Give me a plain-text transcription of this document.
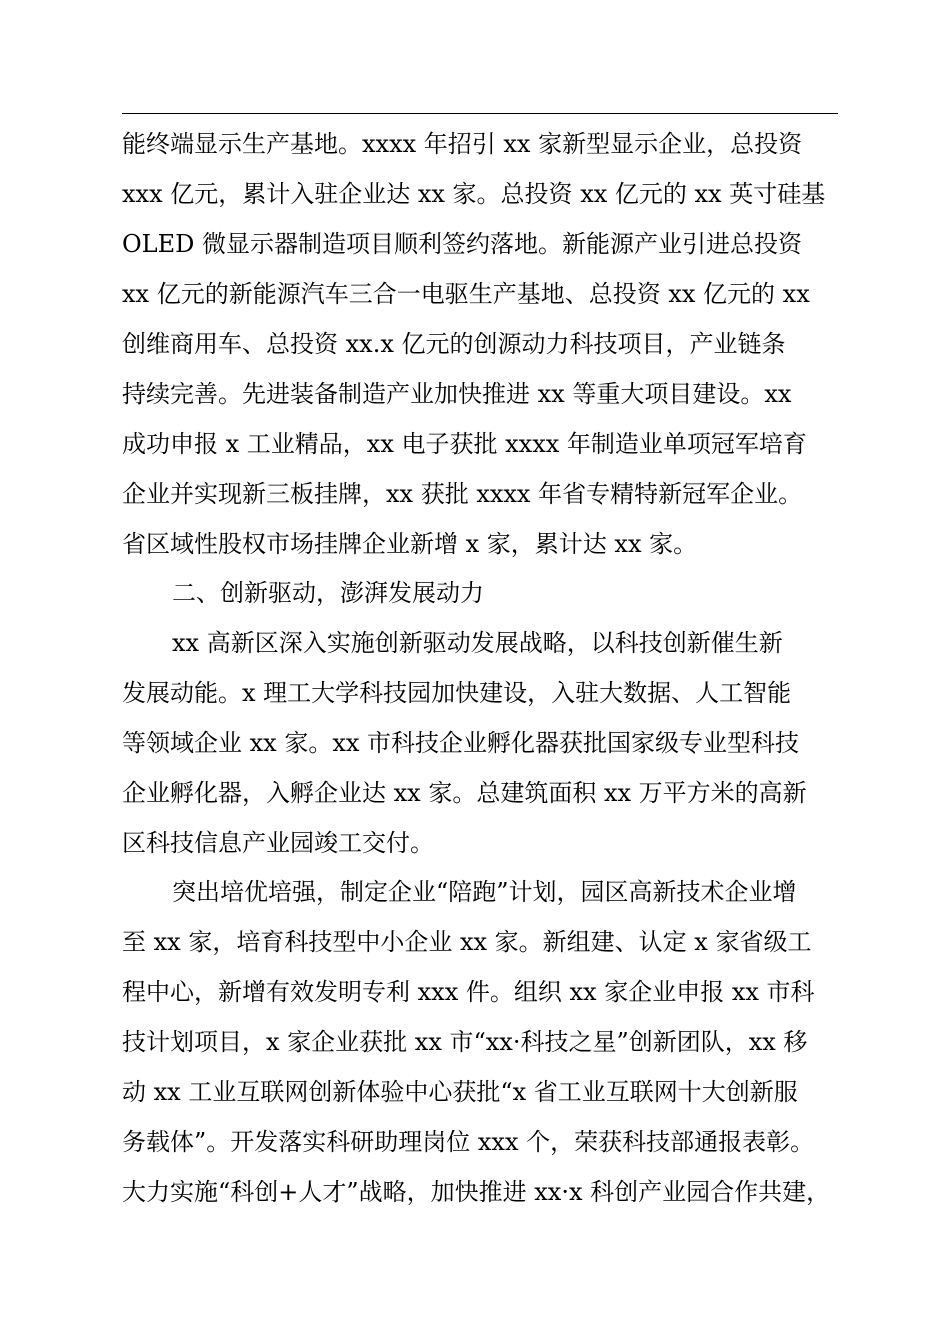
能终端显示生产基地。xxxx 年招引 xx 家新型显示企业，总投资
xxx 亿元，累计入驻企业达 xx 家。总投资 xx 亿元的 xx 英寸硅基
OLED 微显示器制造项目顺利签约落地。新能源产业引进总投资
xx 亿元的新能源汽车三合一电驱生产基地、总投资 xx 亿元的 xx
创维商用车、总投资 xx.x 亿元的创源动力科技项目，产业链条
持续完善。先进装备制造产业加快推进 xx 等重大项目建设。xx
成功申报 x 工业精品，xx 电子获批 xxxx 年制造业单项冠军培育
企业并实现新三板挂牌，xx 获批 xxxx 年省专精特新冠军企业。
省区域性股权市场挂牌企业新增 x 家，累计达 xx 家。
二、创新驱动，澎湃发展动力
xx 高新区深入实施创新驱动发展战略，以科技创新催生新
发展动能。x 理工大学科技园加快建设，入驻大数据、人工智能
等领域企业 xx 家。xx 市科技企业孵化器获批国家级专业型科技
企业孵化器，入孵企业达 xx 家。总建筑面积 xx 万平方米的高新
区科技信息产业园竣工交付。
突出培优培强，制定企业“陪跑”计划，园区高新技术企业增
至 xx 家，培育科技型中小企业 xx 家。新组建、认定 x 家省级工
程中心，新增有效发明专利 xxx 件。组织 xx 家企业申报 xx 市科
技计划项目，x 家企业获批 xx 市“xx·科技之星”创新团队，xx 移
动 xx 工业互联网创新体验中心获批“x 省工业互联网十大创新服
务载体”。开发落实科研助理岗位 xxx 个，荣获科技部通报表彰。
大力实施“科创+人才”战略，加快推进 xx·x 科创产业园合作共建，
